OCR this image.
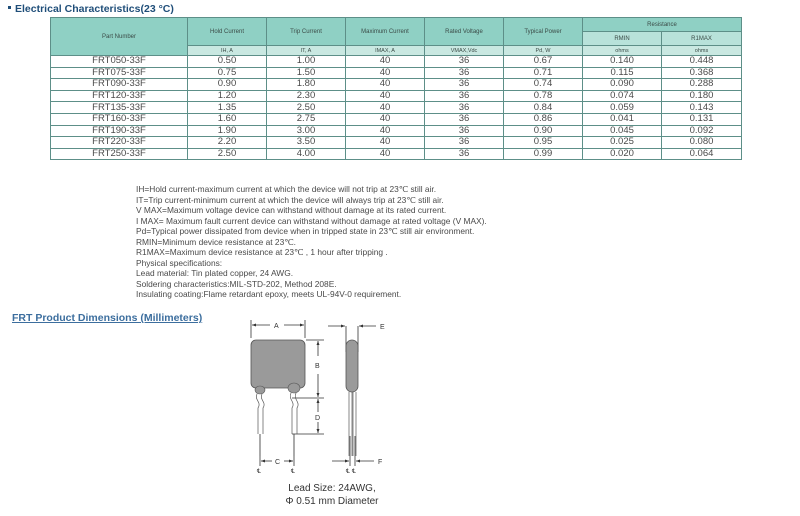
Electrical Characteristics(23 °C)
Part Number	Hold Current	Trip Current	Maximum Current	Rated Voltage	Typical Power	Resistance	
						RMIN	R1MAX
	IH, A	IT, A	IMAX, A	VMAX,Vdc	Pd, W	ohms	ohms
FRT050-33F	0.50	1.00	40	36	0.67	0.140	0.448
FRT075-33F	0.75	1.50	40	36	0.71	0.115	0.368
FRT090-33F	0.90	1.80	40	36	0.74	0.090	0.288
FRT120-33F	1.20	2.30	40	36	0.78	0.074	0.180
FRT135-33F	1.35	2.50	40	36	0.84	0.059	0.143
FRT160-33F	1.60	2.75	40	36	0.86	0.041	0.131
FRT190-33F	1.90	3.00	40	36	0.90	0.045	0.092
FRT220-33F	2.20	3.50	40	36	0.95	0.025	0.080
FRT250-33F	2.50	4.00	40	36	0.99	0.020	0.064
IH=Hold current-maximum current at which the device will not trip at 23℃ still air.
IT=Trip current-minimum current at which the device will always trip at 23℃ still air.
V MAX=Maximum voltage device can withstand without damage at its rated current.
I MAX= Maximum fault current device can withstand without damage at rated voltage (V MAX).
Pd=Typical power dissipated from device when in tripped state in 23℃ still air environment.
RMIN=Minimum device resistance at 23℃.
R1MAX=Maximum device resistance at 23℃ , 1 hour after tripping .
Physical specifications:
Lead material: Tin plated copper, 24 AWG.
Soldering characteristics:MIL-STD-202, Method 208E.
Insulating coating:Flame retardant epoxy, meets UL-94V-0 requirement.
FRT Product Dimensions (Millimeters)
A
B
D
C
E
F
℄	℄	℄ ℄
Lead Size: 24AWG,
Φ 0.51 mm Diameter
